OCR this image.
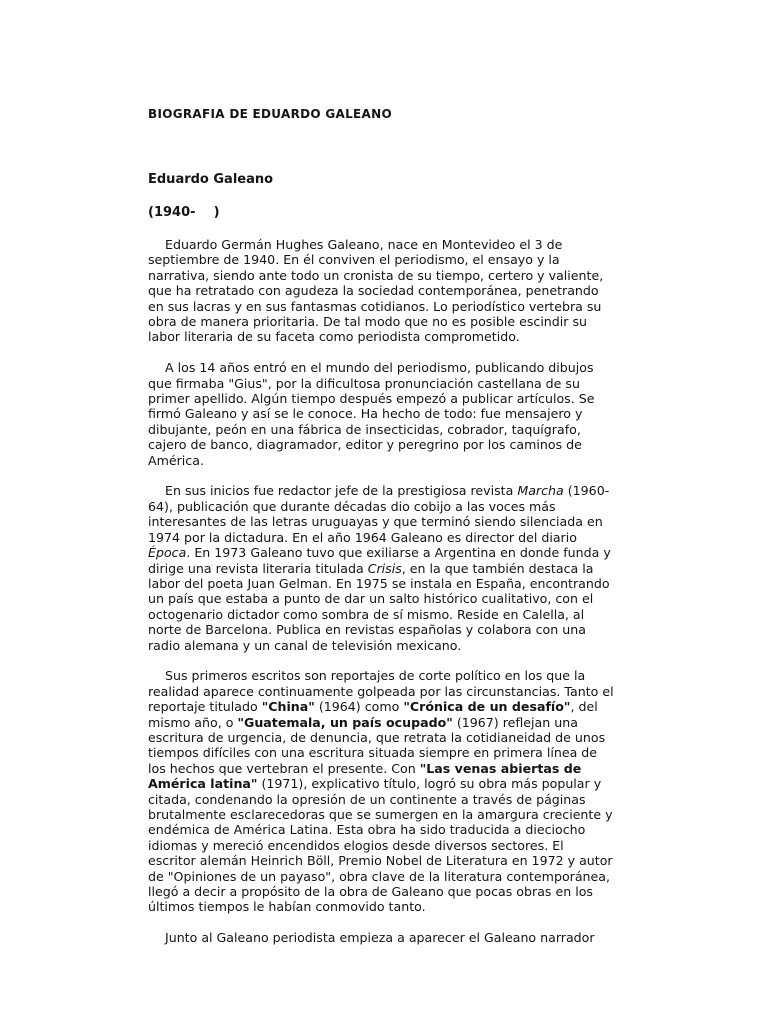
BIOGRAFIA DE EDUARDO GALEANO
Eduardo Galeano
(1940-    )

Eduardo Germán Hughes Galeano, nace en Montevideo el 3 de septiembre de 1940. En él conviven el periodismo, el ensayo y la narrativa, siendo ante todo un cronista de su tiempo, certero y valiente, que ha retratado con agudeza la sociedad contemporánea, penetrando en sus lacras y en sus fantasmas cotidianos. Lo periodístico vertebra su obra de manera prioritaria. De tal modo que no es posible escindir su labor literaria de su faceta como periodista comprometido.

A los 14 años entró en el mundo del periodismo, publicando dibujos que firmaba "Gius", por la dificultosa pronunciación castellana de su primer apellido. Algún tiempo después empezó a publicar artículos. Se firmó Galeano y así se le conoce. Ha hecho de todo: fue mensajero y dibujante, peón en una fábrica de insecticidas, cobrador, taquígrafo, cajero de banco, diagramador, editor y peregrino por los caminos de América.

En sus inicios fue redactor jefe de la prestigiosa revista Marcha (1960-64), publicación que durante décadas dio cobijo a las voces más interesantes de las letras uruguayas y que terminó siendo silenciada en 1974 por la dictadura. En el año 1964 Galeano es director del diario Época. En 1973 Galeano tuvo que exiliarse a Argentina en donde funda y dirige una revista literaria titulada Crisis, en la que también destaca la labor del poeta Juan Gelman. En 1975 se instala en España, encontrando un país que estaba a punto de dar un salto histórico cualitativo, con el octogenario dictador como sombra de sí mismo. Reside en Calella, al norte de Barcelona. Publica en revistas españolas y colabora con una radio alemana y un canal de televisión mexicano.

Sus primeros escritos son reportajes de corte político en los que la realidad aparece continuamente golpeada por las circunstancias. Tanto el reportaje titulado "China" (1964) como "Crónica de un desafío", del mismo año, o "Guatemala, un país ocupado" (1967) reflejan una escritura de urgencia, de denuncia, que retrata la cotidianeidad de unos tiempos difíciles con una escritura situada siempre en primera línea de los hechos que vertebran el presente. Con "Las venas abiertas de América latina" (1971), explicativo título, logró su obra más popular y citada, condenando la opresión de un continente a través de páginas brutalmente esclarecedoras que se sumergen en la amargura creciente y endémica de América Latina. Esta obra ha sido traducida a dieciocho idiomas y mereció encendidos elogios desde diversos sectores. El escritor alemán Heinrich Böll, Premio Nobel de Literatura en 1972 y autor de "Opiniones de un payaso", obra clave de la literatura contemporánea, llegó a decir a propósito de la obra de Galeano que pocas obras en los últimos tiempos le habían conmovido tanto.

Junto al Galeano periodista empieza a aparecer el Galeano narrador
